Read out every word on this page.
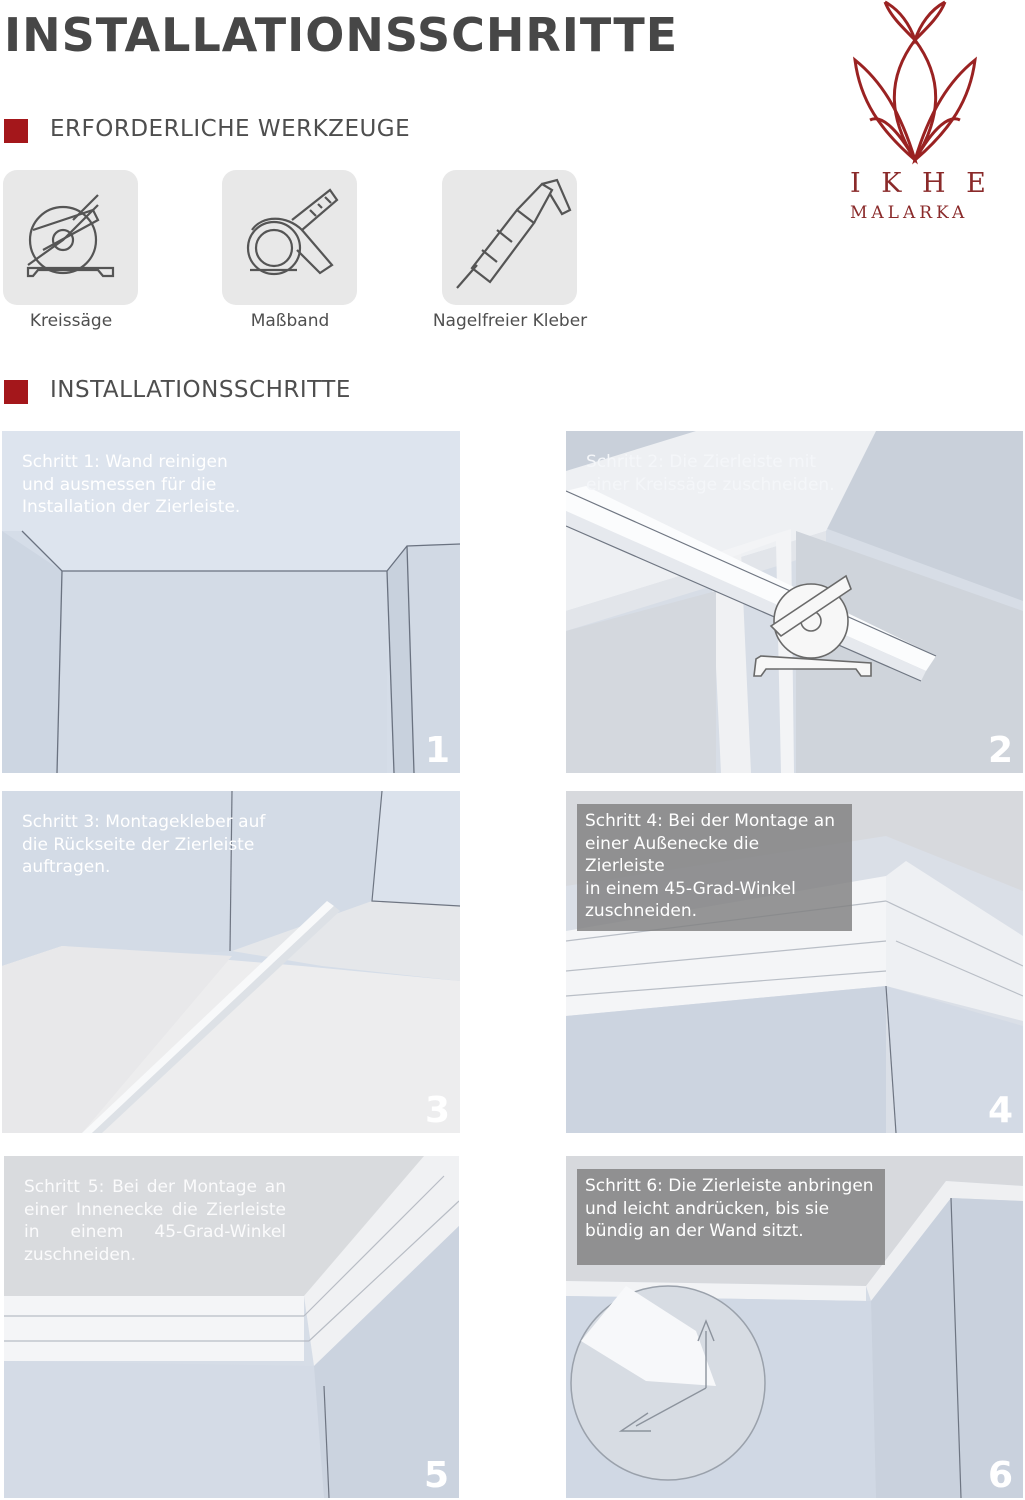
INSTALLATIONSSCHRITTE
I K H E
MALARKA
ERFORDERLICHE WERKZEUGE
Kreissäge	Maßband	Nagelfreier Kleber
INSTALLATIONSSCHRITTE
Schritt 1: Wand reinigen
und ausmessen für die
Installation der Zierleiste.
1
Schritt 2: Die Zierleiste mit
einer Kreissäge zuschneiden.
2
Schritt 3: Montagekleber auf
die Rückseite der Zierleiste
auftragen.
3
Schritt 4: Bei der Montage an
einer Außenecke die Zierleiste
in einem 45-Grad-Winkel
zuschneiden.
4
Schritt 5: Bei der Montage an
einer Innenecke die Zierleiste
in einem 45-Grad-Winkel
zuschneiden.
5
Schritt 6: Die Zierleiste anbringen
und leicht andrücken, bis sie
bündig an der Wand sitzt.
6
